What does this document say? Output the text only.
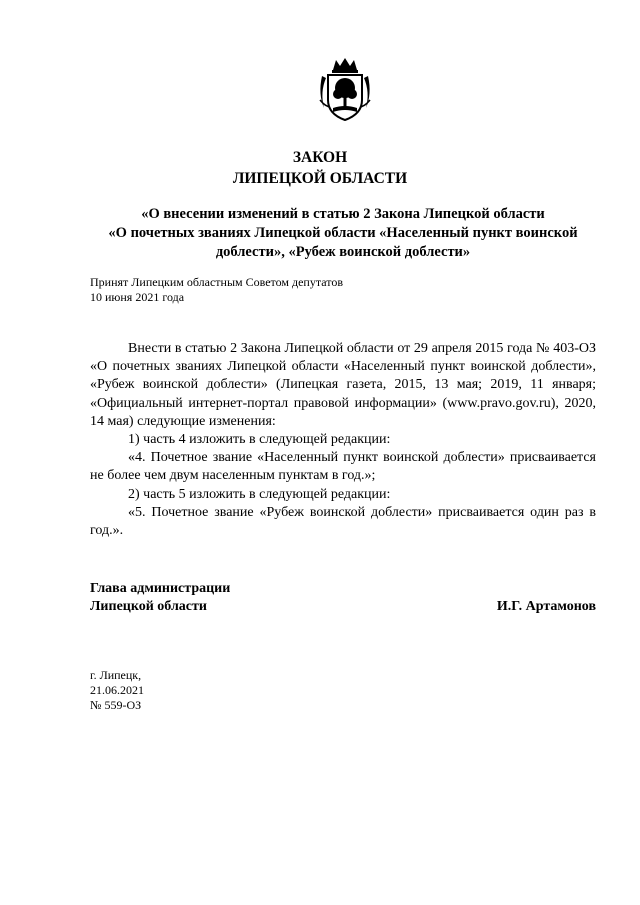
ЗАКОН
ЛИПЕЦКОЙ ОБЛАСТИ
«О внесении изменений в статью 2 Закона Липецкой области
«О почетных званиях Липецкой области «Населенный пункт воинской
доблести», «Рубеж воинской доблести»
Принят Липецким областным Советом депутатов
10 июня 2021 года

Внести в статью 2 Закона Липецкой области от 29 апреля 2015 года № 403-ОЗ «О почетных званиях Липецкой области «Населенный пункт воинской доблести», «Рубеж воинской доблести» (Липецкая газета, 2015, 13 мая; 2019, 11 января; «Официальный интернет-портал правовой информации» (www.pravo.gov.ru), 2020, 14 мая) следующие изменения:

1) часть 4 изложить в следующей редакции:

«4. Почетное звание «Населенный пункт воинской доблести» присваивается не более чем двум населенным пунктам в год.»;

2) часть 5 изложить в следующей редакции:

«5. Почетное звание «Рубеж воинской доблести» присваивается один раз в год.».

Глава администрации
Липецкой области	И.Г. Артамонов
г. Липецк,
21.06.2021
№ 559-ОЗ
